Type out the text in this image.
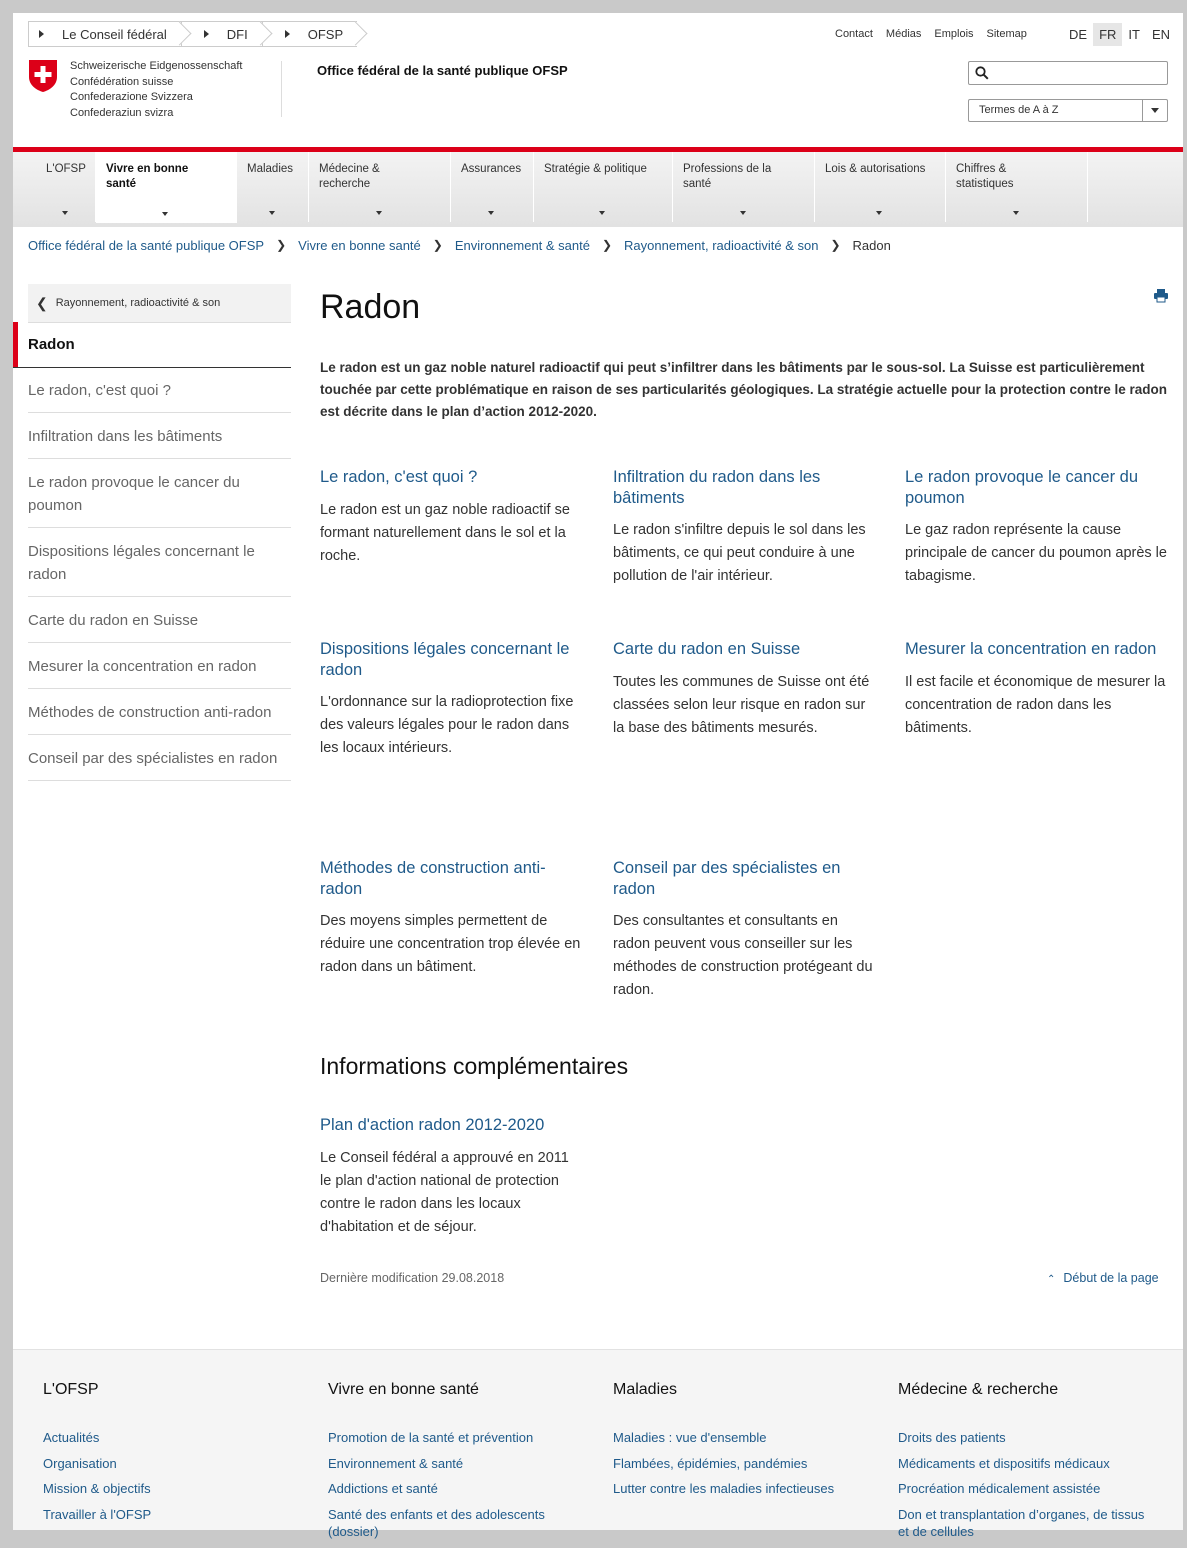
Le Conseil fédéral	DFI	OFSP	Contact Médias Emplois Sitemap	DE FR IT EN
Schweizerische Eidgenossenschaft
Confédération suisse
Confederazione Svizzera
Confederaziun svizra
Office fédéral de la santé publique OFSP
Termes de A à Z
L'OFSP	Vivre en bonne santé
Maladies	Médecine & recherche
Assurances	Stratégie & politique	Professions de la santé
Lois & autorisations	Chiffres & statistiques
Office fédéral de la santé publique OFSP ❯ Vivre en bonne santé ❯ Environnement & santé ❯ Rayonnement, radioactivité & son ❯ Radon
❮ Rayonnement, radioactivité & son
Radon
Le radon, c'est quoi ?
Infiltration dans les bâtiments
Le radon provoque le cancer du poumon
Dispositions légales concernant le radon
Carte du radon en Suisse
Mesurer la concentration en radon
Méthodes de construction anti-radon
Conseil par des spécialistes en radon
Radon
Le radon est un gaz noble naturel radioactif qui peut s’infiltrer dans les bâtiments par le sous-sol. La Suisse est particulièrement touchée par cette problématique en raison de ses particularités géologiques. La stratégie actuelle pour la protection contre le radon est décrite dans le plan d’action 2012-2020.
Le radon, c'est quoi ?
Le radon est un gaz noble radioactif se formant naturellement dans le sol et la roche.
Infiltration du radon dans les bâtiments
Le radon s'infiltre depuis le sol dans les bâtiments, ce qui peut conduire à une pollution de l'air intérieur.
Le radon provoque le cancer du poumon
Le gaz radon représente la cause principale de cancer du poumon après le tabagisme.
Dispositions légales concernant le radon
L'ordonnance sur la radioprotection fixe des valeurs légales pour le radon dans les locaux intérieurs.
Carte du radon en Suisse
Toutes les communes de Suisse ont été classées selon leur risque en radon sur la base des bâtiments mesurés.
Mesurer la concentration en radon
Il est facile et économique de mesurer la concentration de radon dans les bâtiments.
Méthodes de construction anti-radon
Des moyens simples permettent de réduire une concentration trop élevée en radon dans un bâtiment.
Conseil par des spécialistes en radon
Des consultantes et consultants en radon peuvent vous conseiller sur les méthodes de construction protégeant du radon.
Informations complémentaires
Plan d'action radon 2012-2020
Le Conseil fédéral a approuvé en 2011 le plan d'action national de protection contre le radon dans les locaux d'habitation et de séjour.
Dernière modification 29.08.2018	⌃ Début de la page
L'OFSP
Actualités
Organisation
Mission & objectifs
Travailler à l'OFSP
Vivre en bonne santé
Promotion de la santé et prévention
Environnement & santé
Addictions et santé
Santé des enfants et des adolescents (dossier)
Maladies
Maladies : vue d'ensemble
Flambées, épidémies, pandémies
Lutter contre les maladies infectieuses
Médecine & recherche
Droits des patients
Médicaments et dispositifs médicaux
Procréation médicalement assistée
Don et transplantation d’organes, de tissus et de cellules
